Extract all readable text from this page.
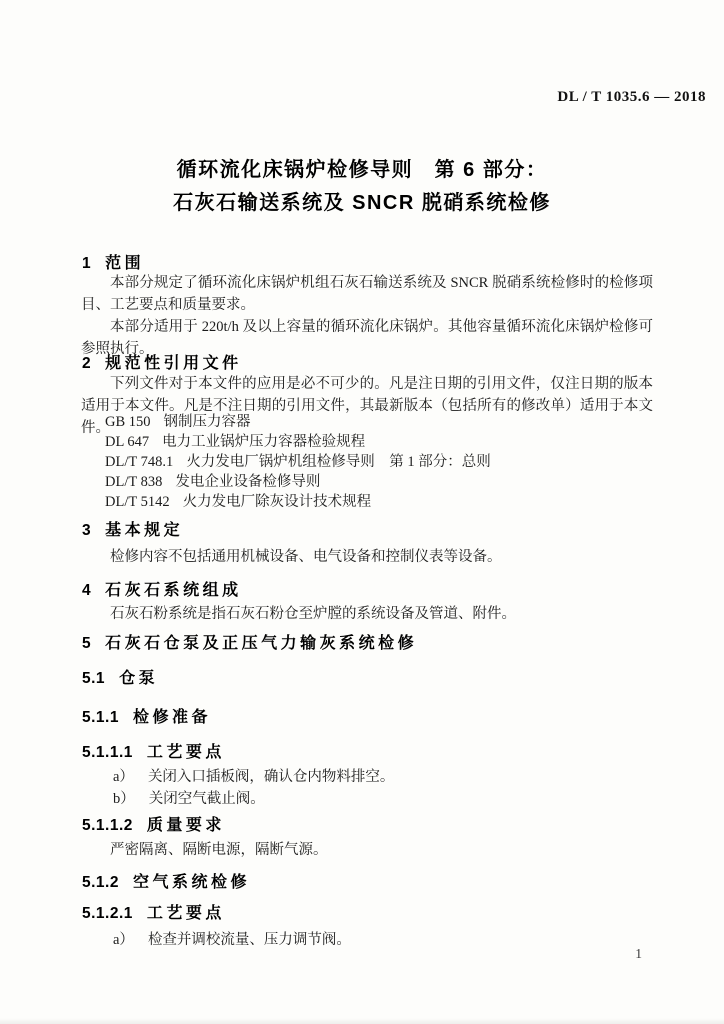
DL / T 1035.6 — 2018
循环流化床锅炉检修导则　第 6 部分：
石灰石输送系统及 SNCR 脱硝系统检修
1 范围

本部分规定了循环流化床锅炉机组石灰石输送系统及 SNCR 脱硝系统检修时的检修项目、工艺要点和质量要求。

本部分适用于 220t/h 及以上容量的循环流化床锅炉。其他容量循环流化床锅炉检修可参照执行。

2 规范性引用文件

下列文件对于本文件的应用是必不可少的。凡是注日期的引用文件，仅注日期的版本适用于本文件。凡是不注日期的引用文件，其最新版本（包括所有的修改单）适用于本文件。

GB 150 钢制压力容器
DL 647 电力工业锅炉压力容器检验规程
DL/T 748.1 火力发电厂锅炉机组检修导则　第 1 部分：总则
DL/T 838 发电企业设备检修导则
DL/T 5142 火力发电厂除灰设计技术规程
3 基本规定

检修内容不包括通用机械设备、电气设备和控制仪表等设备。

4 石灰石系统组成

石灰石粉系统是指石灰石粉仓至炉膛的系统设备及管道、附件。

5 石灰石仓泵及正压气力输灰系统检修
5.1 仓泵
5.1.1 检修准备
5.1.1.1 工艺要点
a） 关闭入口插板阀，确认仓内物料排空。
b） 关闭空气截止阀。
5.1.1.2 质量要求

严密隔离、隔断电源，隔断气源。

5.1.2 空气系统检修
5.1.2.1 工艺要点
a） 检查并调校流量、压力调节阀。
1
